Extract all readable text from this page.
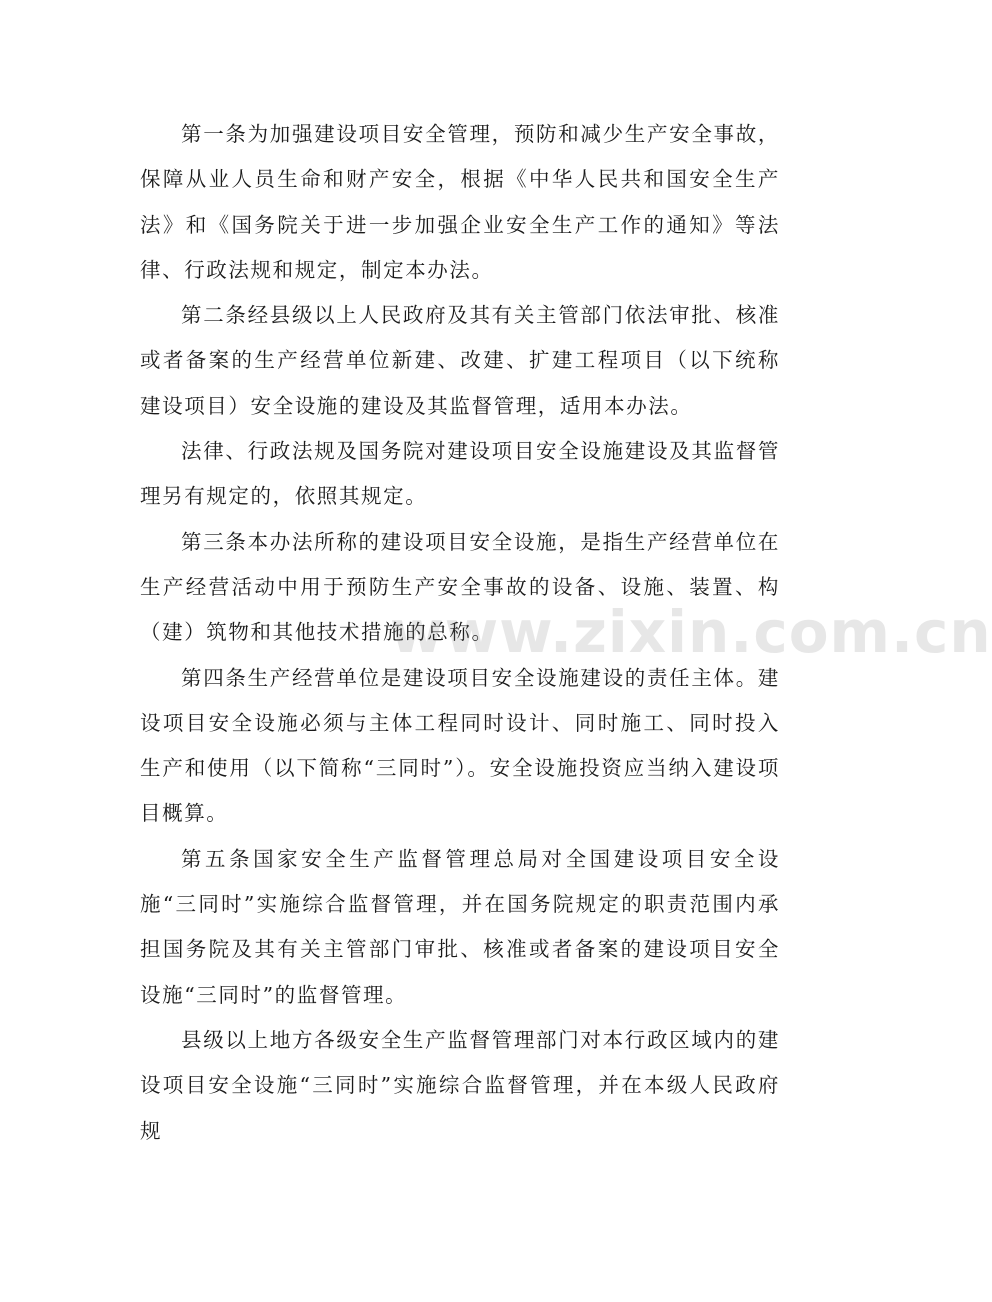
第一条为加强建设项目安全管理，预防和减少生产安全事故，保障从业人员生命和财产安全，根据《中华人民共和国安全生产法》和《国务院关于进一步加强企业安全生产工作的通知》等法律、行政法规和规定，制定本办法。

第二条经县级以上人民政府及其有关主管部门依法审批、核准或者备案的生产经营单位新建、改建、扩建工程项目（以下统称建设项目）安全设施的建设及其监督管理，适用本办法。

法律、行政法规及国务院对建设项目安全设施建设及其监督管理另有规定的，依照其规定。

第三条本办法所称的建设项目安全设施，是指生产经营单位在生产经营活动中用于预防生产安全事故的设备、设施、装置、构（建）筑物和其他技术措施的总称。

第四条生产经营单位是建设项目安全设施建设的责任主体。建设项目安全设施必须与主体工程同时设计、同时施工、同时投入生产和使用（以下简称“三同时”）。安全设施投资应当纳入建设项目概算。

第五条国家安全生产监督管理总局对全国建设项目安全设施“三同时”实施综合监督管理，并在国务院规定的职责范围内承担国务院及其有关主管部门审批、核准或者备案的建设项目安全设施“三同时”的监督管理。

县级以上地方各级安全生产监督管理部门对本行政区域内的建设项目安全设施“三同时”实施综合监督管理，并在本级人民政府规

www.zixin.com.cn
